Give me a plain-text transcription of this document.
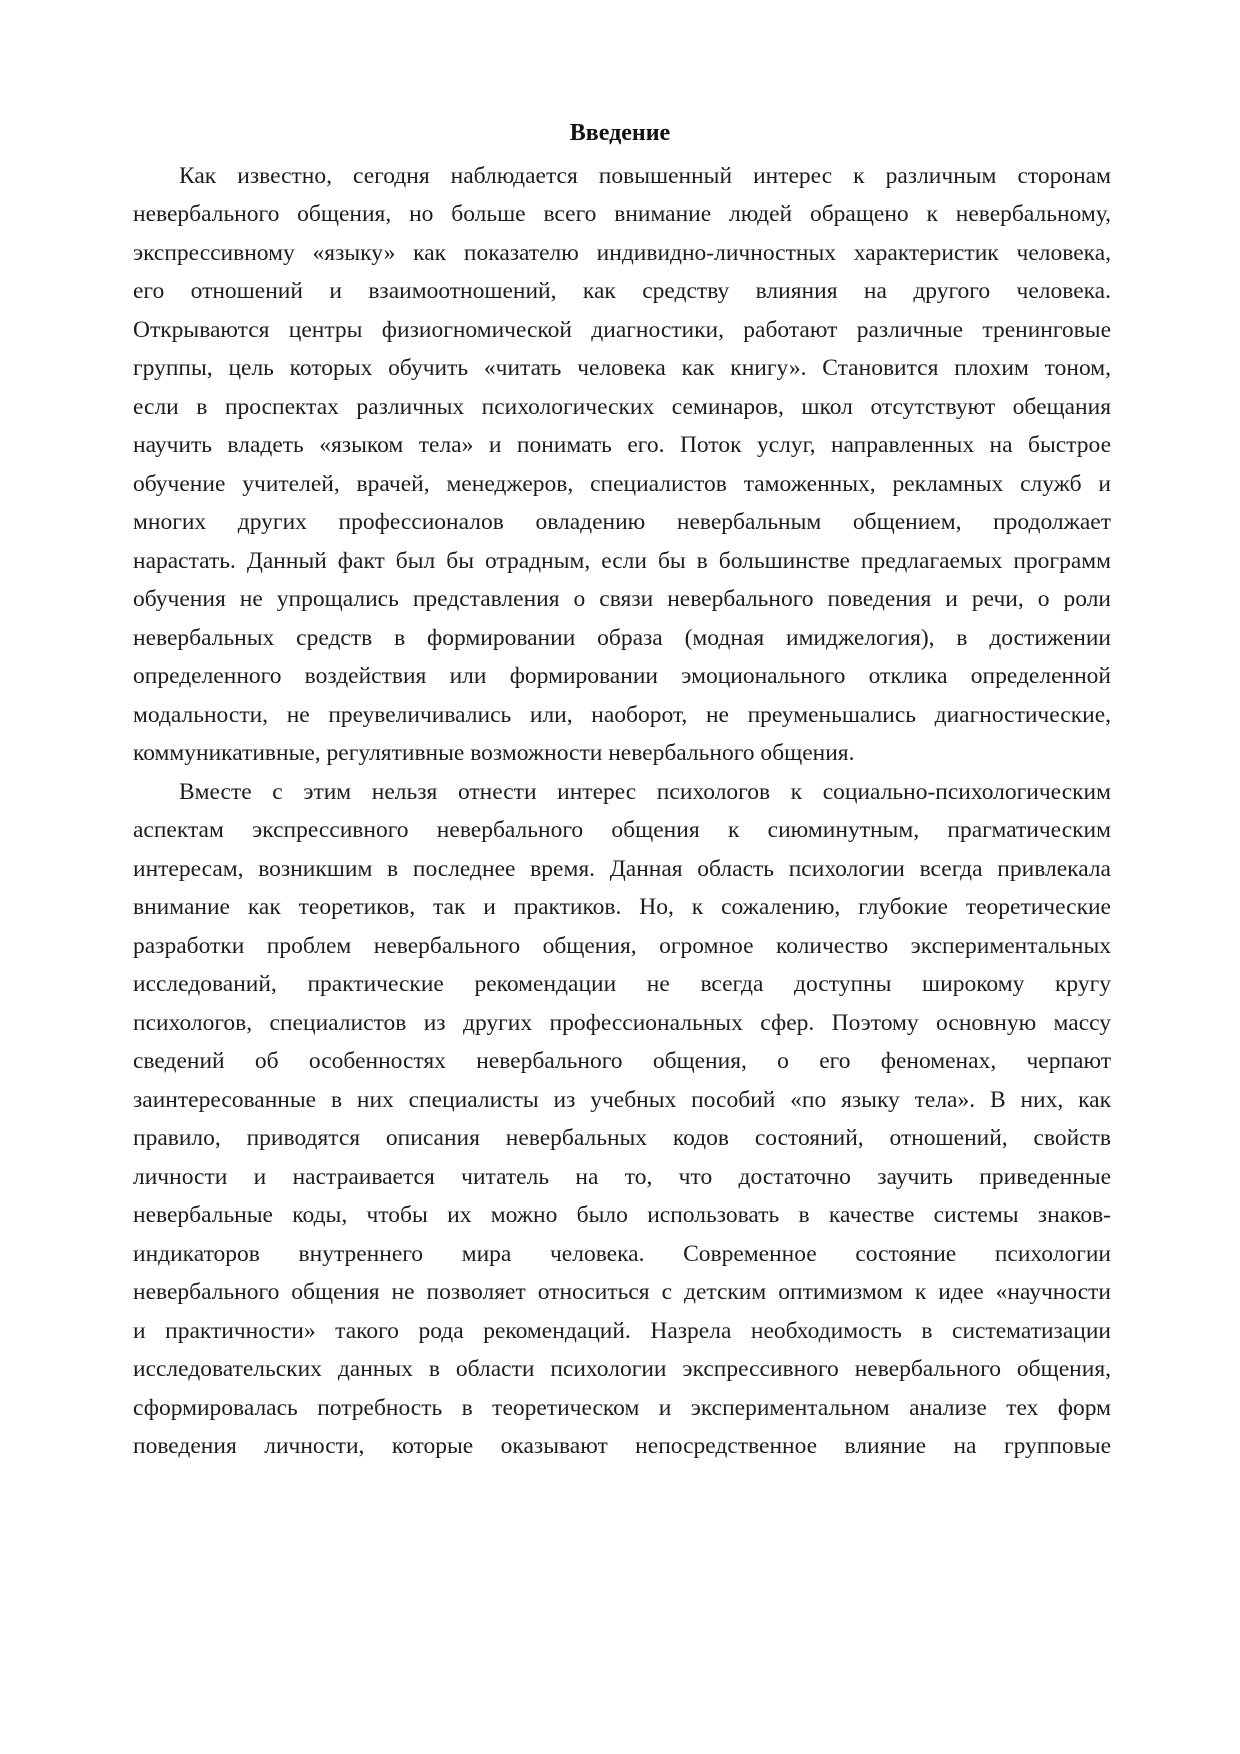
Введение
Как известно, сегодня наблюдается повышенный интерес к различным сторонам
невербального общения, но больше всего внимание людей обращено к невербальному,
экспрессивному «языку» как показателю индивидно-личностных характеристик человека,
его отношений и взаимоотношений, как средству влияния на другого человека.
Открываются центры физиогномической диагностики, работают различные тренинговые
группы, цель которых обучить «читать человека как книгу». Становится плохим тоном,
если в проспектах различных психологических семинаров, школ отсутствуют обещания
научить владеть «языком тела» и понимать его. Поток услуг, направленных на быстрое
обучение учителей, врачей, менеджеров, специалистов таможенных, рекламных служб и
многих других профессионалов овладению невербальным общением, продолжает
нарастать. Данный факт был бы отрадным, если бы в большинстве предлагаемых программ
обучения не упрощались представления о связи невербального поведения и речи, о роли
невербальных средств в формировании образа (модная имиджелогия), в достижении
определенного воздействия или формировании эмоционального отклика определенной
модальности, не преувеличивались или, наоборот, не преуменьшались диагностические,
коммуникативные, регулятивные возможности невербального общения.
Вместе с этим нельзя отнести интерес психологов к социально-психологическим
аспектам экспрессивного невербального общения к сиюминутным, прагматическим
интересам, возникшим в последнее время. Данная область психологии всегда привлекала
внимание как теоретиков, так и практиков. Но, к сожалению, глубокие теоретические
разработки проблем невербального общения, огромное количество экспериментальных
исследований, практические рекомендации не всегда доступны широкому кругу
психологов, специалистов из других профессиональных сфер. Поэтому основную массу
сведений об особенностях невербального общения, о его феноменах, черпают
заинтересованные в них специалисты из учебных пособий «по языку тела». В них, как
правило, приводятся описания невербальных кодов состояний, отношений, свойств
личности и настраивается читатель на то, что достаточно заучить приведенные
невербальные коды, чтобы их можно было использовать в качестве системы знаков-
индикаторов внутреннего мира человека. Современное состояние психологии
невербального общения не позволяет относиться с детским оптимизмом к идее «научности
и практичности» такого рода рекомендаций. Назрела необходимость в систематизации
исследовательских данных в области психологии экспрессивного невербального общения,
сформировалась потребность в теоретическом и экспериментальном анализе тех форм
поведения личности, которые оказывают непосредственное влияние на групповые
